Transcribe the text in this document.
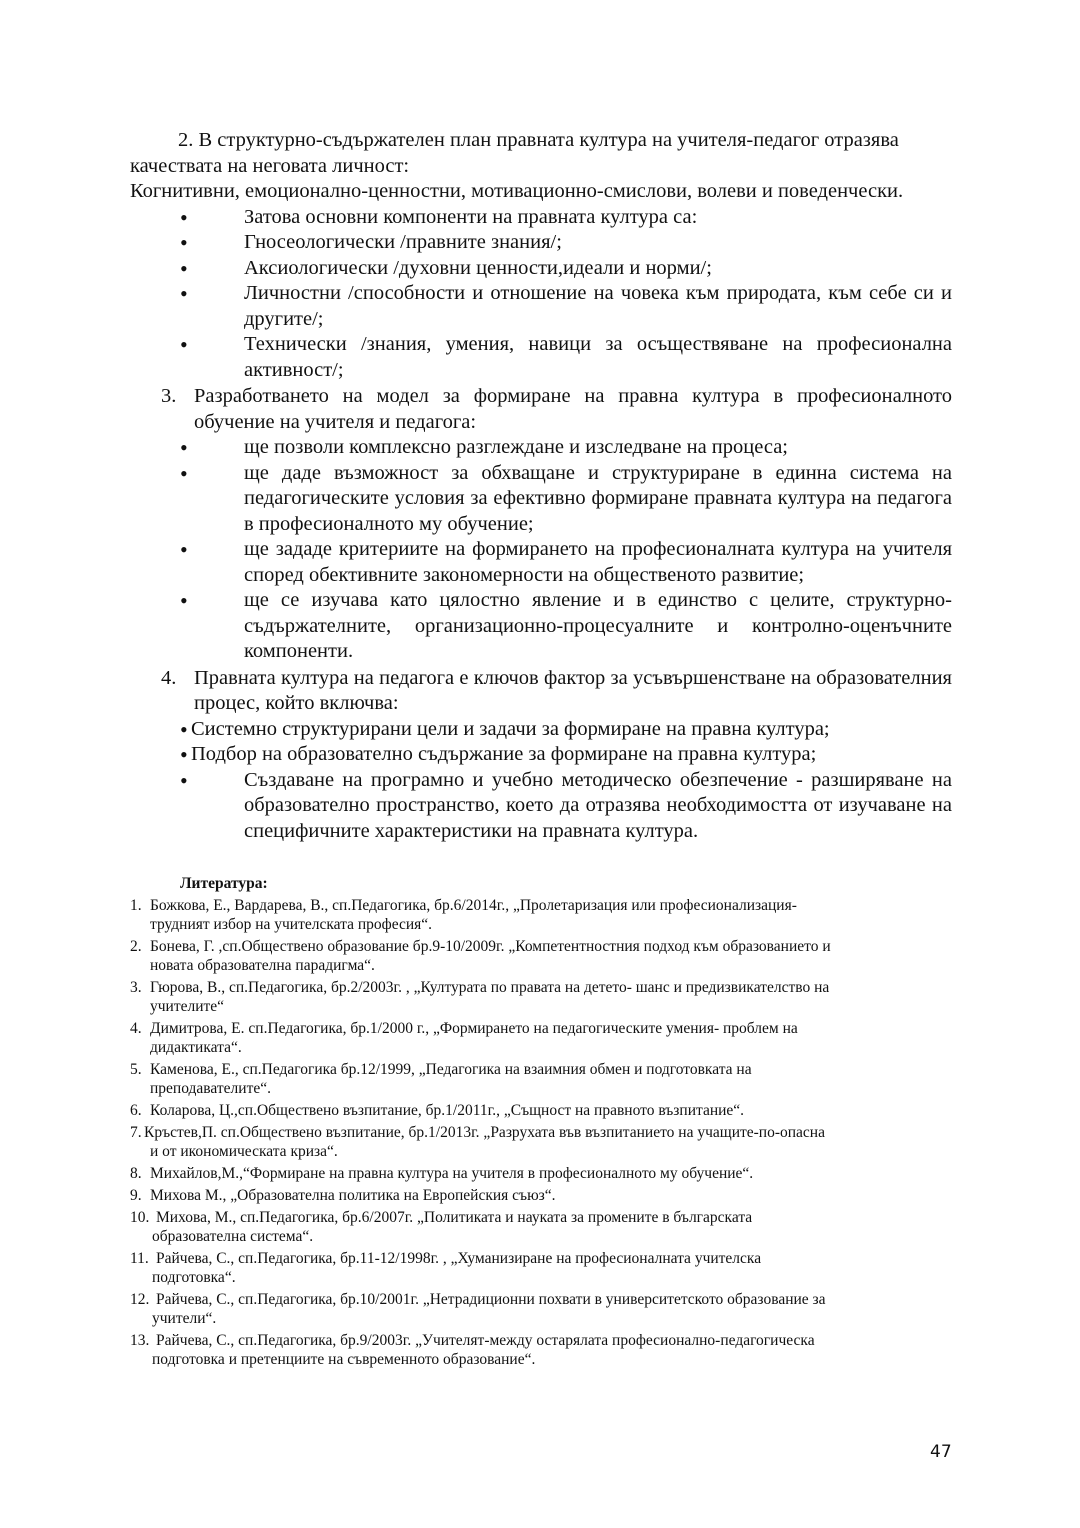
2. В структурно-съдържателен план правната култура на учителя-педагог отразява

качествата на неговата личност:

Когнитивни, емоционално-ценностни, мотивационно-смислови, волеви и поведенчески.

• Затова основни компоненти на правната култура са:
• Гносеологически /правните знания/;
• Аксиологически /духовни ценности,идеали и норми/;
• Личностни /способности и отношение на човека към природата, към себе си и другите/;
• Технически /знания, умения, навици за осъществяване на професионална активност/;
3. Разработването на модел за формиране на правна култура в професионалното обучение на учителя и педагога:
• ще позволи комплексно разглеждане и изследване на процеса;
• ще даде възможност за обхващане и структуриране в единна система на педагогическите условия за ефективно формиране правната култура на педагога в професионалното му обучение;
• ще зададе критериите на формирането на професионалната култура на учителя според обективните закономерности на общественото развитие;
• ще се изучава като цялостно явление и в единство с целите, структурно-съдържателните, организационно-процесуалните и контролно-оценъчните компоненти.
4. Правната култура на педагога е ключов фактор за усъвършенстване на образователния процес, който включва:
• Системно структурирани цели и задачи за формиране на правна култура;
• Подбор на образователно съдържание за формиране на правна култура;
• Създаване на програмно и учебно методическо обезпечение - разширяване на образователно пространство, което да отразява необходимостта от изучаване на специфичните характеристики на правната култура.
Литература:
1. Божкова, Е., Вардарева, В., сп.Педагогика, бр.6/2014г., „Пролетаризация или професионализация-
трудният избор на учителската професия“.
2. Бонева, Г. ,сп.Обществено образование бр.9-10/2009г. „Компетентностния подход към образованието и
новата образователна парадигма“.
3. Гюрова, В., сп.Педагогика, бр.2/2003г. , „Културата по правата на детето- шанс и предизвикателство на
учителите“
4. Димитрова, Е. сп.Педагогика, бр.1/2000 г., „Формирането на педагогическите умения- проблем на
дидактиката“.
5. Каменова, Е., сп.Педагогика бр.12/1999, „Педагогика на взаимния обмен и подготовката на
преподавателите“.
6. Коларова, Ц.,сп.Обществено възпитание, бр.1/2011г., „Същност на правното възпитание“.
7. Кръстев,П. сп.Обществено възпитание, бр.1/2013г. „Разрухата във възпитанието на учащите-по-опасна
и от икономическата криза“.
8. Михайлов,М.,“Формиране на правна култура на учителя в професионалното му обучение“.
9. Михова М., „Образователна политика на Европейския съюз“.
10. Михова, М., сп.Педагогика, бр.6/2007г. „Политиката и науката за промените в българската
образователна система“.
11. Райчева, С., сп.Педагогика, бр.11-12/1998г. , „Хуманизиране на професионалната учителска
подготовка“.
12. Райчева, С., сп.Педагогика, бр.10/2001г. „Нетрадиционни похвати в университетското образование за
учители“.
13. Райчева, С., сп.Педагогика, бр.9/2003г. „Учителят-между остарялата професионално-педагогическа
подготовка и претенциите на съвременното образование“.
47
